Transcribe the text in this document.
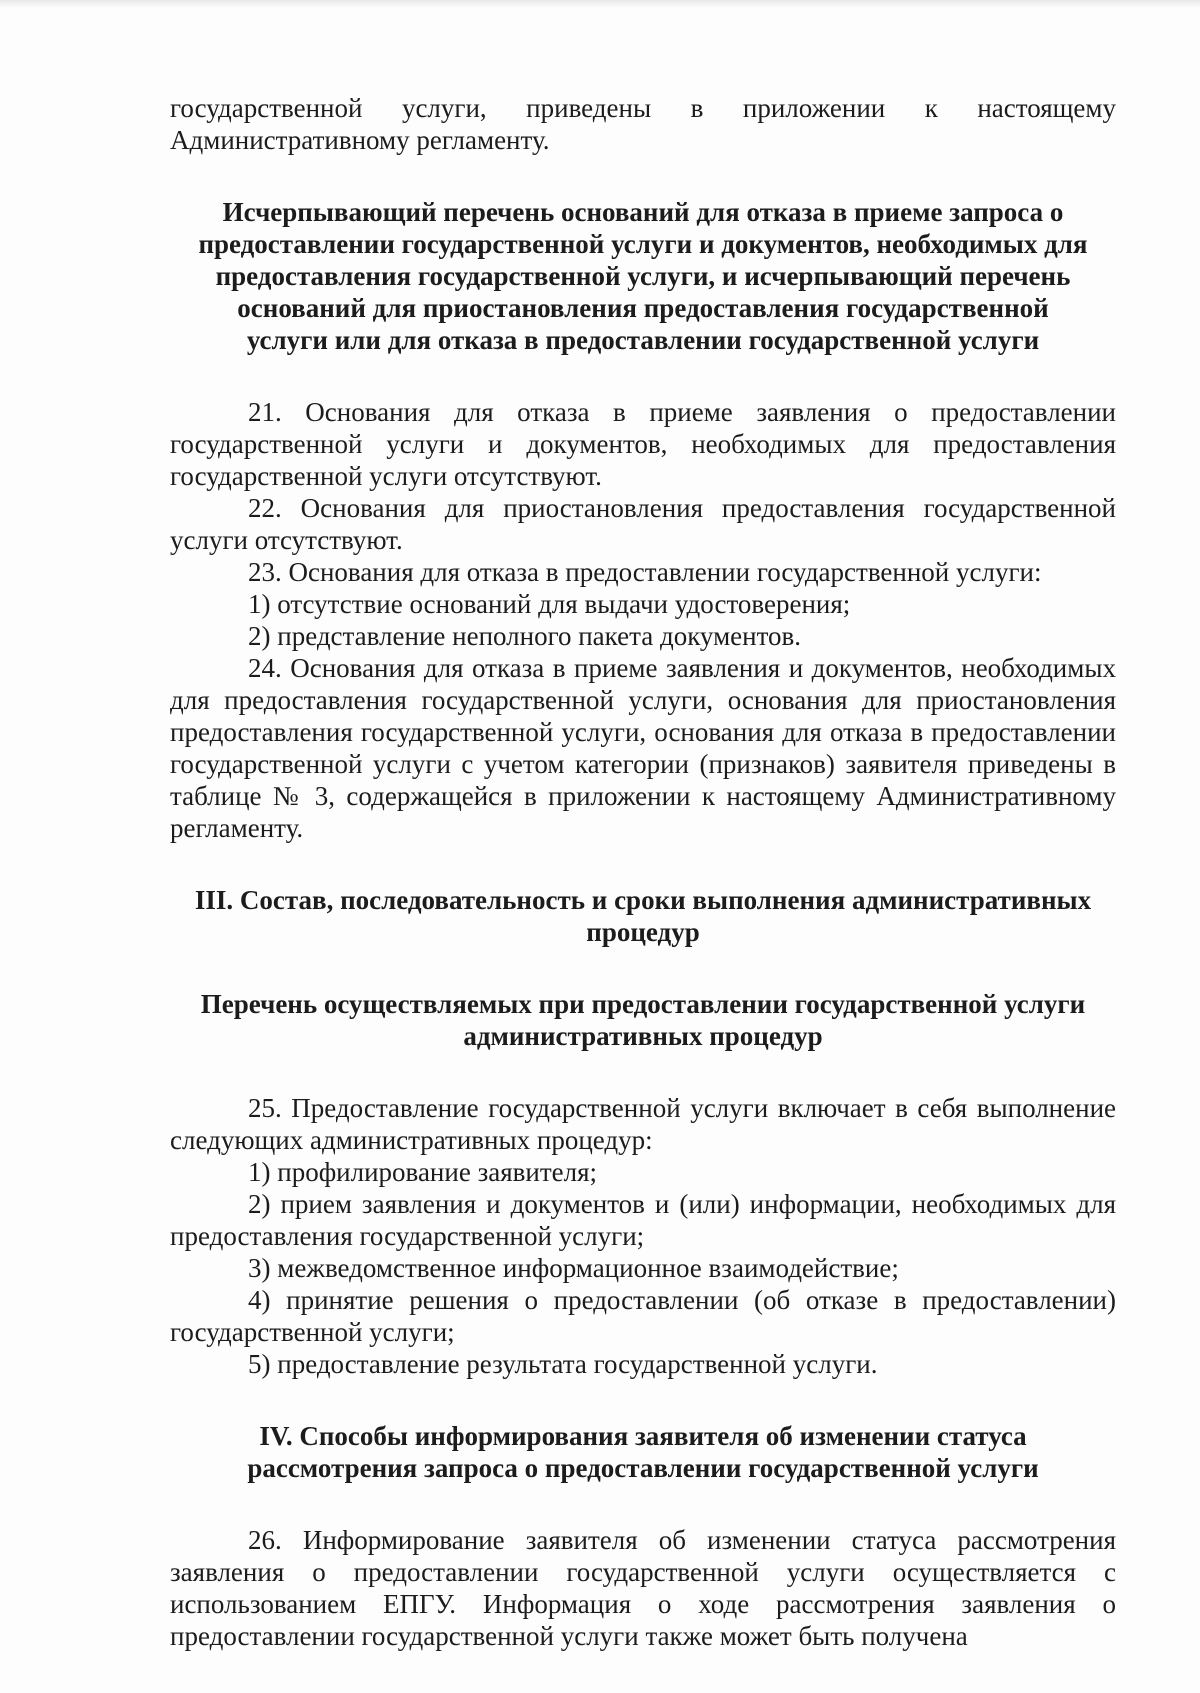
государственной услуги, приведены в приложении к настоящему Административному регламенту.

Исчерпывающий перечень оснований для отказа в приеме запроса о предоставлении государственной услуги и документов, необходимых для предоставления государственной услуги, и исчерпывающий перечень оснований для приостановления предоставления государственной услуги или для отказа в предоставлении государственной услуги

21. Основания для отказа в приеме заявления о предоставлении государственной услуги и документов, необходимых для предоставления государственной услуги отсутствуют.

22. Основания для приостановления предоставления государственной услуги отсутствуют.

23. Основания для отказа в предоставлении государственной услуги:

1) отсутствие оснований для выдачи удостоверения;

2) представление неполного пакета документов.

24. Основания для отказа в приеме заявления и документов, необходимых для предоставления государственной услуги, основания для приостановления предоставления государственной услуги, основания для отказа в предоставлении государственной услуги с учетом категории (признаков) заявителя приведены в таблице № 3, содержащейся в приложении к настоящему Административному регламенту.

III. Состав, последовательность и сроки выполнения административных процедур
Перечень осуществляемых при предоставлении государственной услуги административных процедур

25. Предоставление государственной услуги включает в себя выполнение следующих административных процедур:

1) профилирование заявителя;

2) прием заявления и документов и (или) информации, необходимых для предоставления государственной услуги;

3) межведомственное информационное взаимодействие;

4) принятие решения о предоставлении (об отказе в предоставлении) государственной услуги;

5) предоставление результата государственной услуги.

IV. Способы информирования заявителя об изменении статуса рассмотрения запроса о предоставлении государственной услуги

26. Информирование заявителя об изменении статуса рассмотрения заявления о предоставлении государственной услуги осуществляется с использованием ЕПГУ. Информация о ходе рассмотрения заявления о предоставлении государственной услуги также может быть получена
